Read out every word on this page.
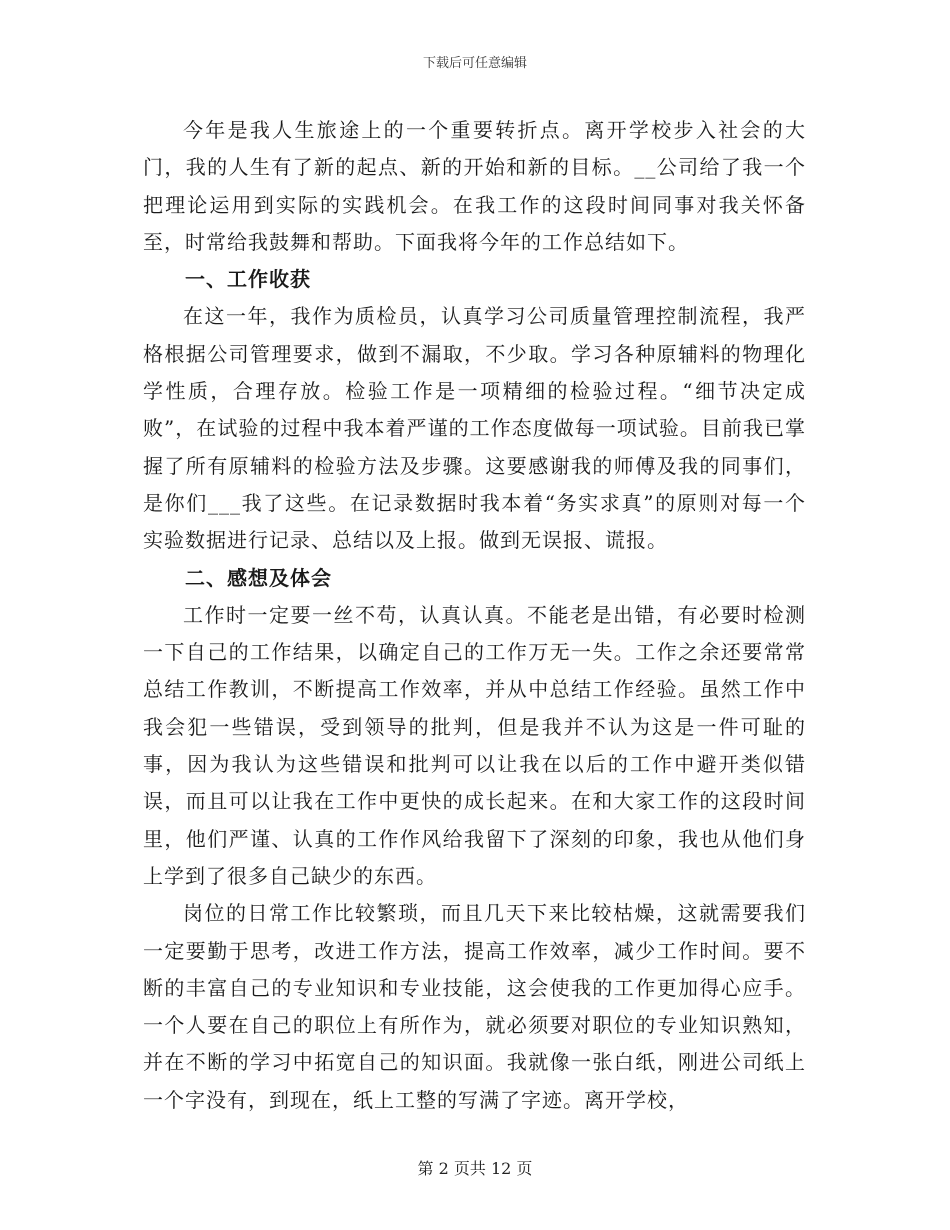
下载后可任意编辑

今年是我人生旅途上的一个重要转折点。离开学校步入社会的大门，我的人生有了新的起点、新的开始和新的目标。__公司给了我一个把理论运用到实际的实践机会。在我工作的这段时间同事对我关怀备至，时常给我鼓舞和帮助。下面我将今年的工作总结如下。

一、工作收获

在这一年，我作为质检员，认真学习公司质量管理控制流程，我严格根据公司管理要求，做到不漏取，不少取。学习各种原辅料的物理化学性质，合理存放。检验工作是一项精细的检验过程。“细节决定成败”，在试验的过程中我本着严谨的工作态度做每一项试验。目前我已掌握了所有原辅料的检验方法及步骤。这要感谢我的师傅及我的同事们，是你们___我了这些。在记录数据时我本着“务实求真”的原则对每一个实验数据进行记录、总结以及上报。做到无误报、谎报。

二、感想及体会

工作时一定要一丝不苟，认真认真。不能老是出错，有必要时检测一下自己的工作结果，以确定自己的工作万无一失。工作之余还要常常总结工作教训，不断提高工作效率，并从中总结工作经验。虽然工作中我会犯一些错误，受到领导的批判，但是我并不认为这是一件可耻的事，因为我认为这些错误和批判可以让我在以后的工作中避开类似错误，而且可以让我在工作中更快的成长起来。在和大家工作的这段时间里，他们严谨、认真的工作作风给我留下了深刻的印象，我也从他们身上学到了很多自己缺少的东西。

岗位的日常工作比较繁琐，而且几天下来比较枯燥，这就需要我们一定要勤于思考，改进工作方法，提高工作效率，减少工作时间。要不断的丰富自己的专业知识和专业技能，这会使我的工作更加得心应手。一个人要在自己的职位上有所作为，就必须要对职位的专业知识熟知，并在不断的学习中拓宽自己的知识面。我就像一张白纸，刚进公司纸上一个字没有，到现在，纸上工整的写满了字迹。离开学校，

第 2 页共 12 页
